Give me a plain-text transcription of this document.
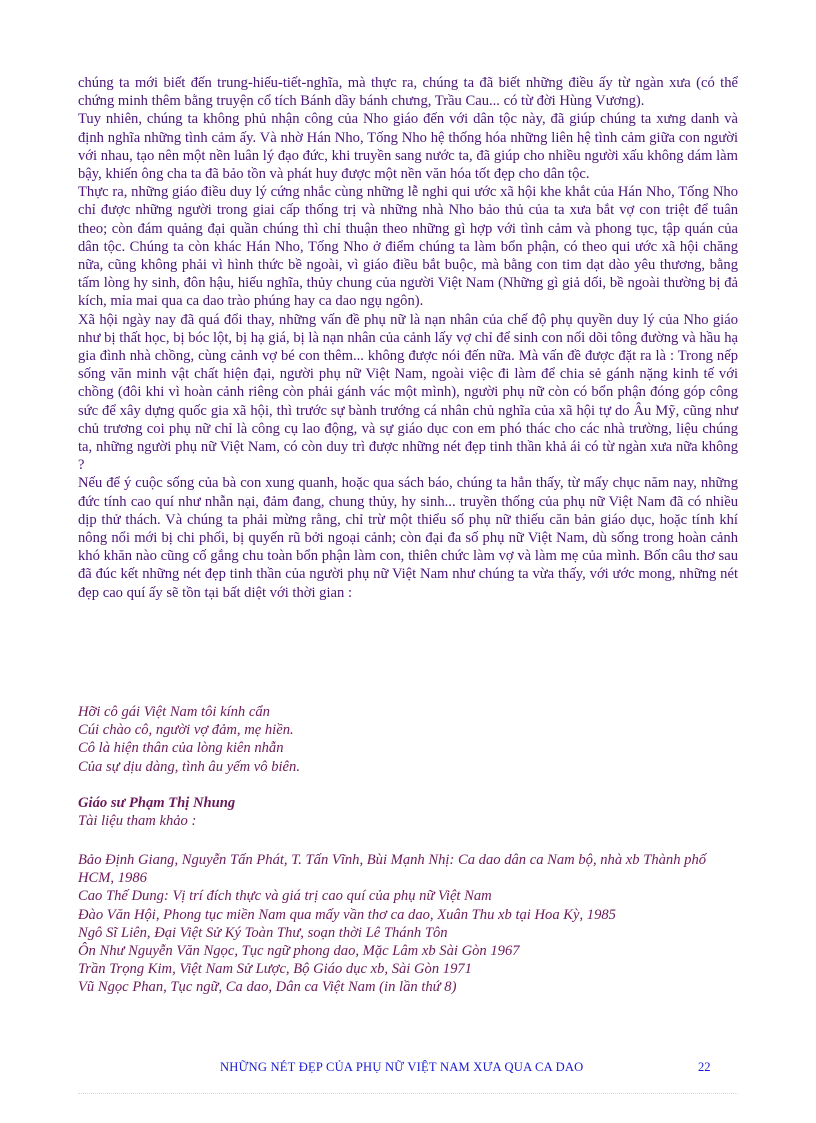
chúng ta mới biết đến trung-hiếu-tiết-nghĩa, mà thực ra, chúng ta đã biết những điều ấy từ ngàn xưa (có thể chứng minh thêm bằng truyện cổ tích Bánh dầy bánh chưng, Trầu Cau... có từ đời Hùng Vương).

Tuy nhiên, chúng ta không phủ nhận công của Nho giáo đến với dân tộc này, đã giúp chúng ta xưng danh và định nghĩa những tình cảm ấy. Và nhờ Hán Nho, Tống Nho hệ thống hóa những liên hệ tình cảm giữa con người với nhau, tạo nên một nền luân lý đạo đức, khi truyền sang nước ta, đã giúp cho nhiều người xấu không dám làm bậy, khiến ông cha ta đã bảo tồn và phát huy được một nền văn hóa tốt đẹp cho dân tộc.

Thực ra, những giáo điều duy lý cứng nhắc cùng những lễ nghi qui ước xã hội khe khắt của Hán Nho, Tống Nho chỉ được những người trong giai cấp thống trị và những nhà Nho bảo thủ của ta xưa bắt vợ con triệt để tuân theo; còn đám quảng đại quần chúng thì chỉ thuận theo những gì hợp với tình cảm và phong tục, tập quán của dân tộc. Chúng ta còn khác Hán Nho, Tống Nho ở điểm chúng ta làm bổn phận, có theo qui ước xã hội chăng nữa, cũng không phải vì hình thức bề ngoài, vì giáo điều bắt buộc, mà bằng con tim dạt dào yêu thương, bằng tấm lòng hy sinh, đôn hậu, hiếu nghĩa, thủy chung của người Việt Nam (Những gì giả dối, bề ngoài thường bị đả kích, mỉa mai qua ca dao trào phúng hay ca dao ngụ ngôn).

Xã hội ngày nay đã quá đổi thay, những vấn đề phụ nữ là nạn nhân của chế độ phụ quyền duy lý của Nho giáo như bị thất học, bị bóc lột, bị hạ giá, bị là nạn nhân của cảnh lấy vợ chỉ để sinh con nối dõi tông đường và hầu hạ gia đình nhà chồng, cùng cảnh vợ bé con thêm... không được nói đến nữa. Mà vấn đề được đặt ra là : Trong nếp sống văn minh vật chất hiện đại, người phụ nữ Việt Nam, ngoài việc đi làm để chia sẻ gánh nặng kinh tế với chồng (đôi khi vì hoàn cảnh riêng còn phải gánh vác một mình), người phụ nữ còn có bổn phận đóng góp công sức để xây dựng quốc gia xã hội, thì trước sự bành trướng cá nhân chủ nghĩa của xã hội tự do Âu Mỹ, cũng như chủ trương coi phụ nữ chỉ là công cụ lao động, và sự giáo dục con em phó thác cho các nhà trường, liệu chúng ta, những người phụ nữ Việt Nam, có còn duy trì được những nét đẹp tinh thần khả ái có từ ngàn xưa nữa không ?

Nếu để ý cuộc sống của bà con xung quanh, hoặc qua sách báo, chúng ta hẳn thấy, từ mấy chục năm nay, những đức tính cao quí như nhẫn nại, đảm đang, chung thủy, hy sinh... truyền thống của phụ nữ Việt Nam đã có nhiều dịp thử thách. Và chúng ta phải mừng rằng, chỉ trừ một thiểu số phụ nữ thiếu căn bản giáo dục, hoặc tính khí nông nổi mới bị chi phối, bị quyến rũ bởi ngoại cảnh; còn đại đa số phụ nữ Việt Nam, dù sống trong hoàn cảnh khó khăn nào cũng cố gắng chu toàn bổn phận làm con, thiên chức làm vợ và làm mẹ của mình. Bốn câu thơ sau đã đúc kết những nét đẹp tinh thần của người phụ nữ Việt Nam như chúng ta vừa thấy, với ước mong, những nét đẹp cao quí ấy sẽ tồn tại bất diệt với thời gian :

Hỡi cô gái Việt Nam tôi kính cẩn

Cúi chào cô, người vợ đảm, mẹ hiền.

Cô là hiện thân của lòng kiên nhẫn

Của sự dịu dàng, tình âu yếm vô biên.

Giáo sư Phạm Thị Nhung
Tài liệu tham khảo :

Bảo Định Giang, Nguyễn Tấn Phát, T. Tấn Vĩnh, Bùi Mạnh Nhị: Ca dao dân ca Nam bộ, nhà xb Thành phố HCM, 1986

Cao Thế Dung: Vị trí đích thực và giá trị cao quí của phụ nữ Việt Nam

Đào Văn Hội, Phong tục miền Nam qua mấy vần thơ ca dao, Xuân Thu xb tại Hoa Kỳ, 1985

Ngô Sĩ Liên, Đại Việt Sử Ký Toàn Thư, soạn thời Lê Thánh Tôn

Ôn Như Nguyễn Văn Ngọc, Tục ngữ phong dao, Mặc Lâm xb Sài Gòn 1967

Trần Trọng Kim, Việt Nam Sử Lược, Bộ Giáo dục xb, Sài Gòn 1971

Vũ Ngọc Phan, Tục ngữ, Ca dao, Dân ca Việt Nam (in lần thứ 8)

NHỮNG NÉT ĐẸP CỦA PHỤ NỮ VIỆT NAM XƯA QUA CA DAO	22
